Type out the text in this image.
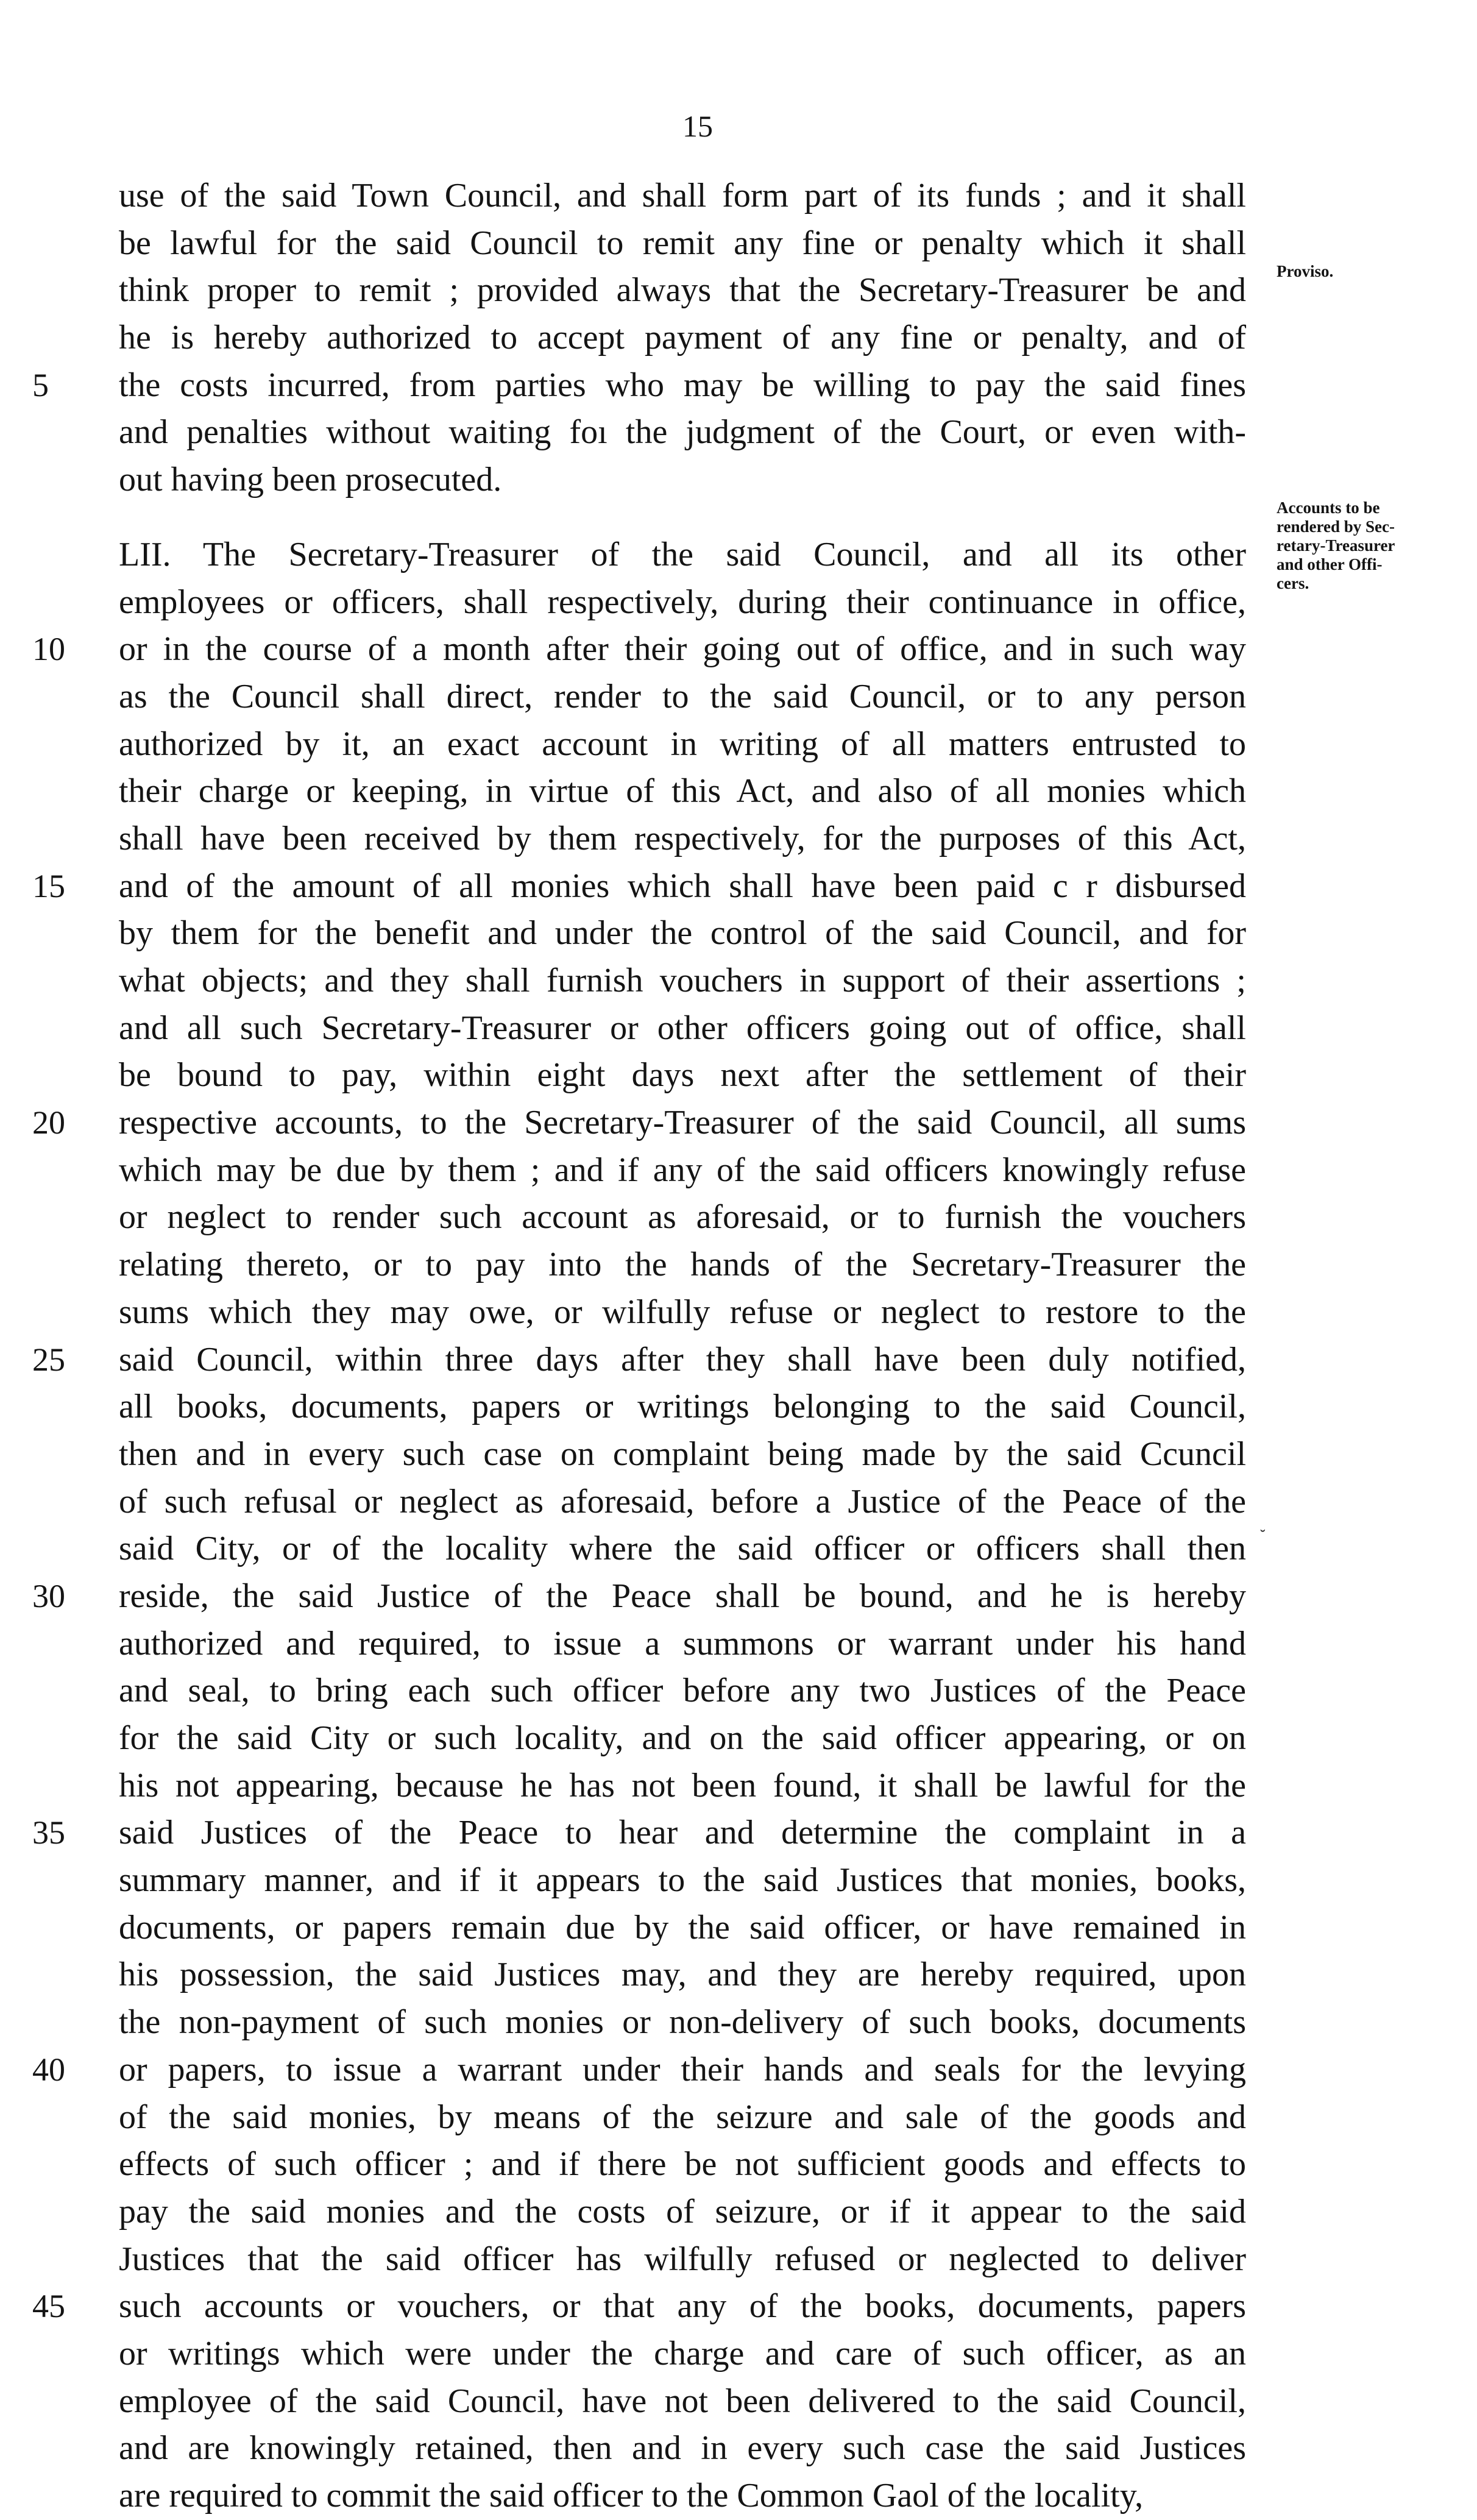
15
use of the said Town Council, and shall form part of its funds ; and it shall
be lawful for the said Council to remit any fine or penalty which it shall
think proper to remit ; provided always that the Secretary-Treasurer be and
he is hereby authorized to accept payment of any fine or penalty, and of
5	the costs incurred, from parties who may be willing to pay the said fines
and penalties without waiting foı the judgment of the Court, or even with-
out having been prosecuted.
LII. The Secretary-Treasurer of the said Council, and all its other
employees or officers, shall respectively, during their continuance in office,
10	or in the course of a month after their going out of office, and in such way
as the Council shall direct, render to the said Council, or to any person
authorized by it, an exact account in writing of all matters entrusted to
their charge or keeping, in virtue of this Act, and also of all monies which
shall have been received by them respectively, for the purposes of this Act,
15	and of the amount of all monies which shall have been paid c r disbursed
by them for the benefit and under the control of the said Council, and for
what objects; and they shall furnish vouchers in support of their assertions ;
and all such Secretary-Treasurer or other officers going out of office, shall
be bound to pay, within eight days next after the settlement of their
20	respective accounts, to the Secretary-Treasurer of the said Council, all sums
which may be due by them ; and if any of the said officers knowingly refuse
or neglect to render such account as aforesaid, or to furnish the vouchers
relating thereto, or to pay into the hands of the Secretary-Treasurer the
sums which they may owe, or wilfully refuse or neglect to restore to the
25	said Council, within three days after they shall have been duly notified,
all books, documents, papers or writings belonging to the said Council,
then and in every such case on complaint being made by the said Ccuncil
of such refusal or neglect as aforesaid, before a Justice of the Peace of the
said City, or of the locality where the said officer or officers shall then
30	reside, the said Justice of the Peace shall be bound, and he is hereby
authorized and required, to issue a summons or warrant under his hand
and seal, to bring each such officer before any two Justices of the Peace
for the said City or such locality, and on the said officer appearing, or on
his not appearing, because he has not been found, it shall be lawful for the
35	said Justices of the Peace to hear and determine the complaint in a
summary manner, and if it appears to the said Justices that monies, books,
documents, or papers remain due by the said officer, or have remained in
his possession, the said Justices may, and they are hereby required, upon
the non-payment of such monies or non-delivery of such books, documents
40	or papers, to issue a warrant under their hands and seals for the levying
of the said monies, by means of the seizure and sale of the goods and
effects of such officer ; and if there be not sufficient goods and effects to
pay the said monies and the costs of seizure, or if it appear to the said
Justices that the said officer has wilfully refused or neglected to deliver
45	such accounts or vouchers, or that any of the books, documents, papers
or writings which were under the charge and care of such officer, as an
employee of the said Council, have not been delivered to the said Council,
and are knowingly retained, then and in every such case the said Justices
are required to commit the said officer to the Common Gaol of the locality,
Proviso.
Accounts to be
rendered by Sec-
retary-Treasurer
and other Offi-
cers.
˘
